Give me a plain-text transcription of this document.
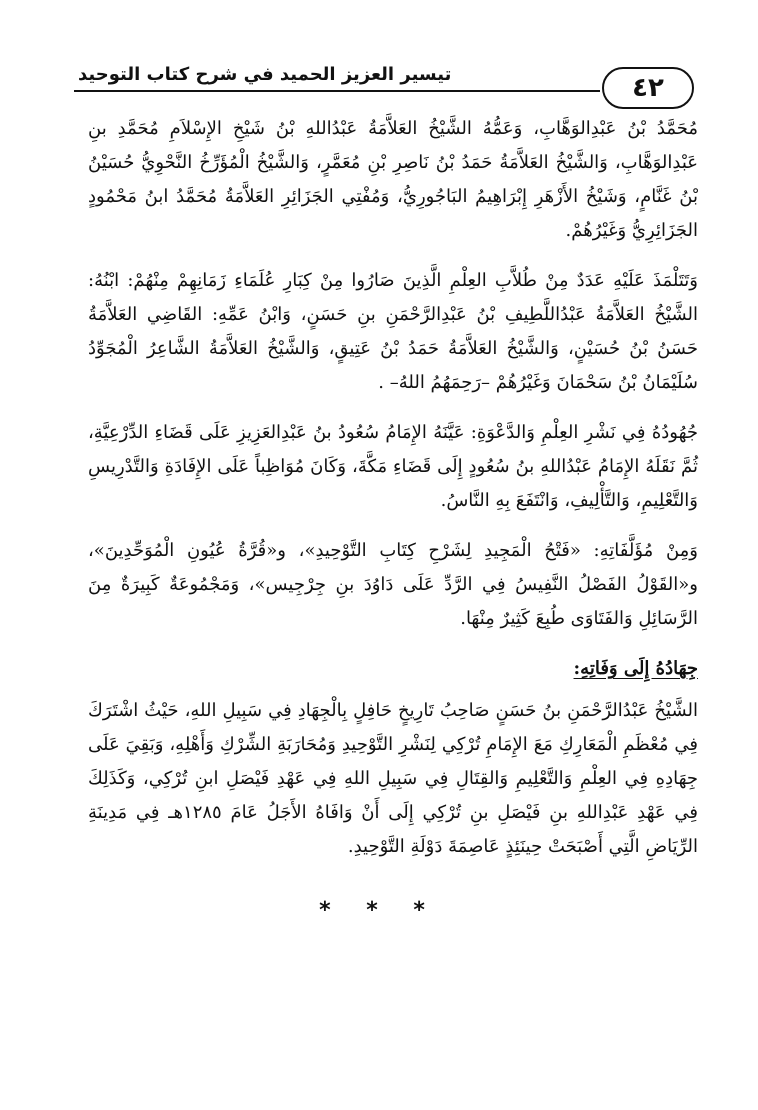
تيسير العزيز الحميد في شرح كتاب التوحيد	٤٢

مُحَمَّدُ بْنُ عَبْدِالوَهَّابِ، وَعَمُّهُ الشَّيْخُ العَلاَّمَةُ عَبْدُاللهِ بْنُ شَيْخِ الإِسْلاَمِ مُحَمَّدِ بنِ عَبْدِالوَهَّابِ، وَالشَّيْخُ العَلاَّمَةُ حَمَدُ بْنُ نَاصِرِ بْنِ مُعَمَّرٍ، وَالشَّيْخُ الْمُؤَرِّخُ النَّحْوِيُّ حُسَيْنُ بْنُ غَنَّامٍ، وَشَيْخُ الأَزْهَرِ إِبْرَاهِيمُ البَاجُورِيُّ، وَمُفْتِي الجَزَائِرِ العَلاَّمَةُ مُحَمَّدُ ابنُ مَحْمُودٍ الجَزَائِرِيُّ وَغَيْرُهُمْ.

وَتَتَلْمَذَ عَلَيْهِ عَدَدٌ مِنْ طُلاَّبِ العِلْمِ الَّذِينَ صَارُوا مِنْ كِبَارِ عُلَمَاءِ زَمَانِهِمْ مِنْهُمْ: ابْنُهُ: الشَّيْخُ العَلاَّمَةُ عَبْدُاللَّطِيفِ بْنُ عَبْدِالرَّحْمَنِ بنِ حَسَنٍ، وَابْنُ عَمِّهِ: القَاضِي العَلاَّمَةُ حَسَنُ بْنُ حُسَيْنٍ، وَالشَّيْخُ العَلاَّمَةُ حَمَدُ بْنُ عَتِيقٍ، وَالشَّيْخُ العَلاَّمَةُ الشَّاعِرُ الْمُجَوِّدُ سُلَيْمَانُ بْنُ سَحْمَانَ وَغَيْرُهُمْ –رَحِمَهُمُ اللهُ– .

جُهُودُهُ فِي نَشْرِ العِلْمِ وَالدَّعْوَةِ: عَيَّنَهُ الإِمَامُ سُعُودُ بنُ عَبْدِالعَزِيزِ عَلَى قَضَاءِ الدِّرْعِيَّةِ، ثُمَّ نَقَلَهُ الإِمَامُ عَبْدُاللهِ بنُ سُعُودٍ إِلَى قَضَاءِ مَكَّةَ، وَكَانَ مُوَاظِباً عَلَى الإِفَادَةِ وَالتَّدْرِيسِ وَالتَّعْلِيمِ، وَالتَّأْلِيفِ، وَانْتَفَعَ بِهِ النَّاسُ.

وَمِنْ مُؤَلَّفَاتِهِ: «فَتْحُ الْمَجِيدِ لِشَرْحِ كِتَابِ التَّوْحِيدِ»، و«قُرَّةُ عُيُونِ الْمُوَحِّدِينَ»، و«القَوْلُ الفَصْلُ النَّفِيسُ فِي الرَّدِّ عَلَى دَاوُدَ بنِ جِرْجِيس»، وَمَجْمُوعَةٌ كَبِيرَةٌ مِنَ الرَّسَائِلِ وَالفَتَاوَى طُبِعَ كَثِيرٌ مِنْهَا.

جِهَادُهُ إِلَى وَفَاتِهِ:

الشَّيْخُ عَبْدُالرَّحْمَنِ بنُ حَسَنٍ صَاحِبُ تَارِيخٍ حَافِلٍ بِالْجِهَادِ فِي سَبِيلِ اللهِ، حَيْثُ اشْتَرَكَ فِي مُعْظَمِ الْمَعَارِكِ مَعَ الإِمَامِ تُرْكِي لِنَشْرِ التَّوْحِيدِ وَمُحَارَبَةِ الشِّرْكِ وَأَهْلِهِ، وَبَقِيَ عَلَى جِهَادِهِ فِي العِلْمِ وَالتَّعْلِيمِ وَالقِتَالِ فِي سَبِيلِ اللهِ فِي عَهْدِ فَيْصَلِ ابنِ تُرْكِي، وَكَذَلِكَ فِي عَهْدِ عَبْدِاللهِ بنِ فَيْصَلِ بنِ تُرْكِي إِلَى أَنْ وَافَاهُ الأَجَلُ عَامَ ١٢٨٥هـ فِي مَدِينَةِ الرِّيَاضِ الَّتِي أَصْبَحَتْ حِينَئِذٍ عَاصِمَةَ دَوْلَةِ التَّوْحِيدِ.

* * *
